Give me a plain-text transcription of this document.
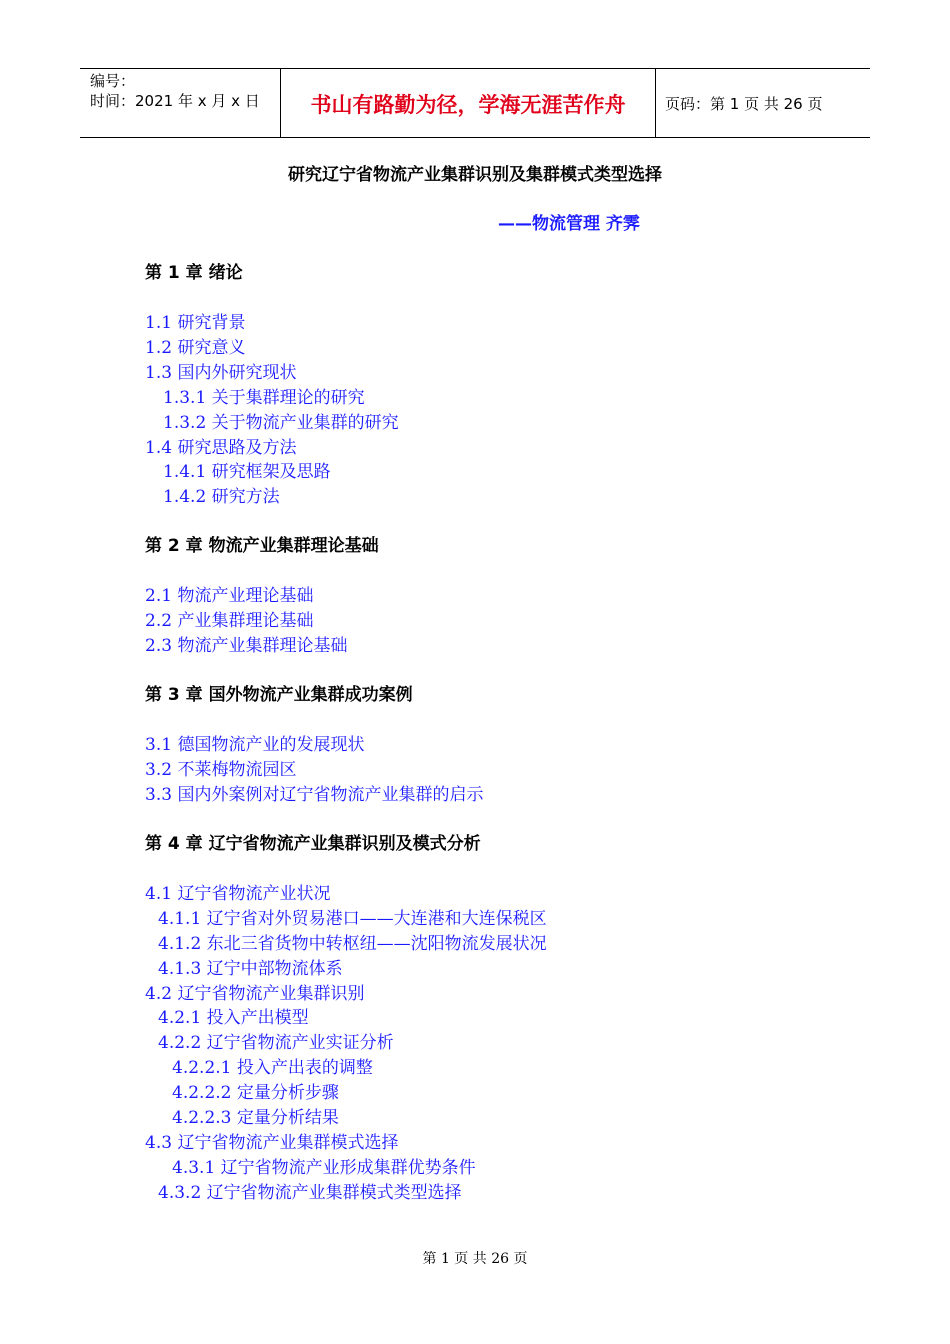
编号：
时间：2021 年 x 月 x 日	书山有路勤为径，学海无涯苦作舟	页码：第 1 页 共 26 页
研究辽宁省物流产业集群识别及集群模式类型选择
——物流管理 齐霁
第 1 章 绪论
1.1 研究背景
1.2 研究意义
1.3 国内外研究现状
1.3.1 关于集群理论的研究
1.3.2 关于物流产业集群的研究
1.4 研究思路及方法
1.4.1 研究框架及思路
1.4.2 研究方法
第 2 章 物流产业集群理论基础
2.1 物流产业理论基础
2.2 产业集群理论基础
2.3 物流产业集群理论基础
第 3 章 国外物流产业集群成功案例
3.1 德国物流产业的发展现状
3.2 不莱梅物流园区
3.3 国内外案例对辽宁省物流产业集群的启示
第 4 章 辽宁省物流产业集群识别及模式分析
4.1 辽宁省物流产业状况
4.1.1 辽宁省对外贸易港口——大连港和大连保税区
4.1.2 东北三省货物中转枢纽——沈阳物流发展状况
4.1.3 辽宁中部物流体系
4.2 辽宁省物流产业集群识别
4.2.1 投入产出模型
4.2.2 辽宁省物流产业实证分析
4.2.2.1 投入产出表的调整
4.2.2.2 定量分析步骤
4.2.2.3 定量分析结果
4.3 辽宁省物流产业集群模式选择
4.3.1 辽宁省物流产业形成集群优势条件
4.3.2 辽宁省物流产业集群模式类型选择
第 1 页 共 26 页
